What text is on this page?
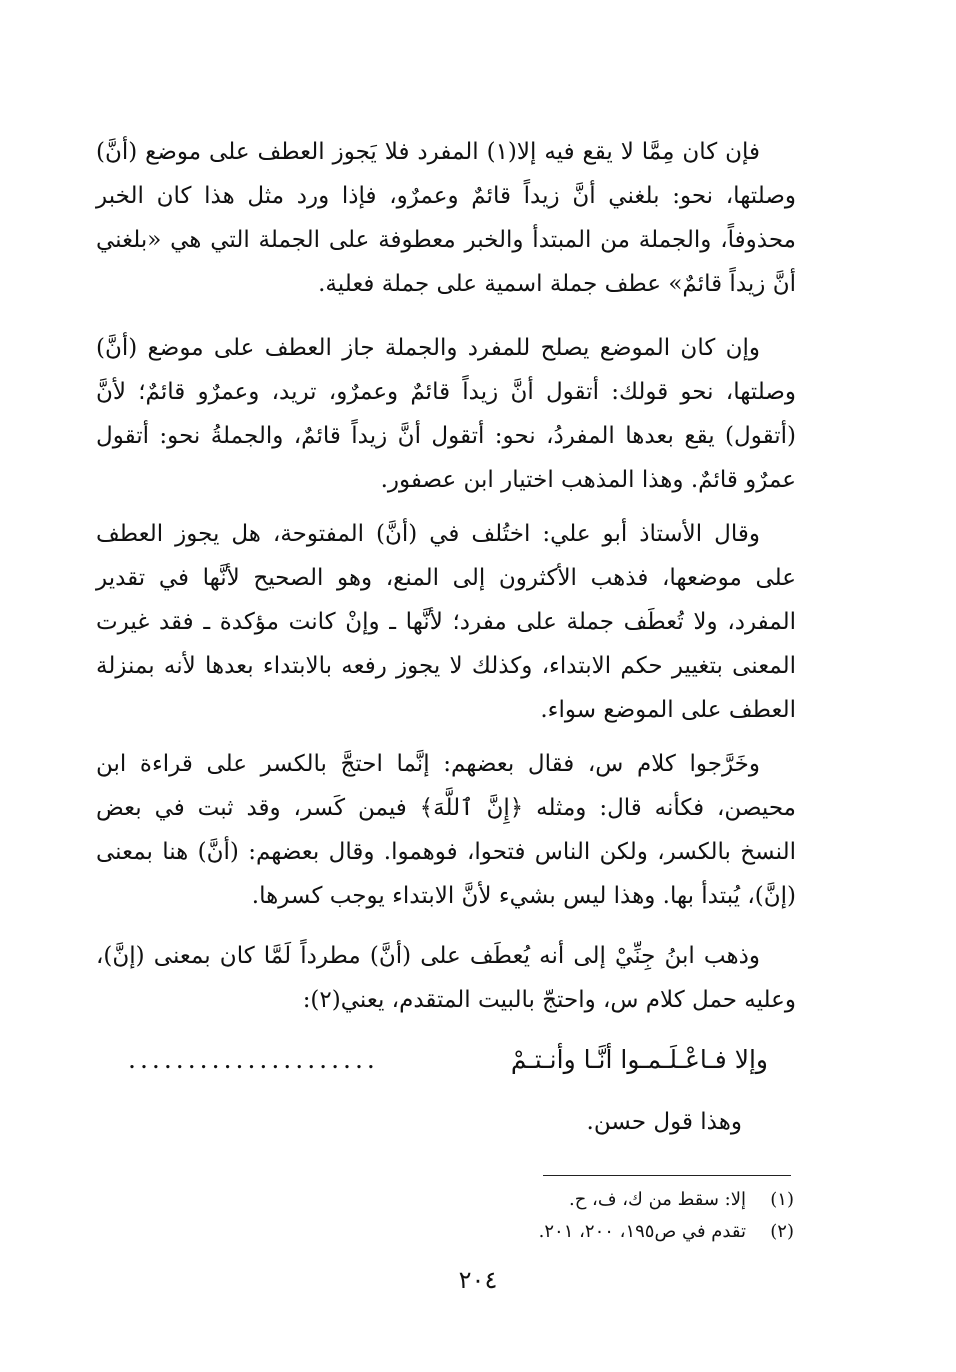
فإن كان مِمَّا لا يقع فيه إلا(١) المفرد فلا يَجوز العطف على موضع (أنَّ) وصلتها، نحو: بلغني أنَّ زيداً قائمٌ وعمرٌو، فإذا ورد مثل هذا كان الخبر محذوفاً، والجملة من المبتدأ والخبر معطوفة على الجملة التي هي «بلغني أنَّ زيداً قائمٌ» عطف جملة اسمية على جملة فعلية.

وإن كان الموضع يصلح للمفرد والجملة جاز العطف على موضع (أنَّ) وصلتها، نحو قولك: أتقول أنَّ زيداً قائمٌ وعمرٌو، تريد، وعمرٌو قائمٌ؛ لأنَّ (أتقول) يقع بعدها المفردُ، نحو: أتقول أنَّ زيداً قائمٌ، والجملةُ نحو: أتقول عمرٌو قائمٌ. وهذا المذهب اختيار ابن عصفور.

وقال الأستاذ أبو علي: اختُلف في (أنَّ) المفتوحة، هل يجوز العطف على موضعها، فذهب الأكثرون إلى المنع، وهو الصحيح لأنَّها في تقدير المفرد، ولا تُعطَف جملة على مفرد؛ لأنَّها ـ وإنْ كانت مؤكدة ـ فقد غيرت المعنى بتغيير حكم الابتداء، وكذلك لا يجوز رفعه بالابتداء بعدها لأنه بمنزلة العطف على الموضع سواء.

وخَرَّجوا كلام س، فقال بعضهم: إنَّما احتجَّ بالكسر على قراءة ابن محيصن، فكأنه قال: ومثله ﴿إِنَّ ٱللَّهَ﴾ فيمن كَسر، وقد ثبت في بعض النسخ بالكسر، ولكن الناس فتحوا، فوهموا. وقال بعضهم: (أنَّ) هنا بمعنى (إنَّ)، يُبتدأ بها. وهذا ليس بشيء لأنَّ الابتداء يوجب كسرها.

وذهب ابنُ جِنِّيْ إلى أنه يُعطَف على (أنَّ) مطرداً لَمَّا كان بمعنى (إنَّ)، وعليه حمل كلام س، واحتجّ بالبيت المتقدم، يعني(٢):

وإلا فـاعْـلَـمـوا أنَّـا وأنـتـمْ
.....................
وهذا قول حسن.
(١)إلا: سقط من ك، ف، ح.
(٢)تقدم في ص١٩٥، ٢٠٠، ٢٠١.
٢٠٤
